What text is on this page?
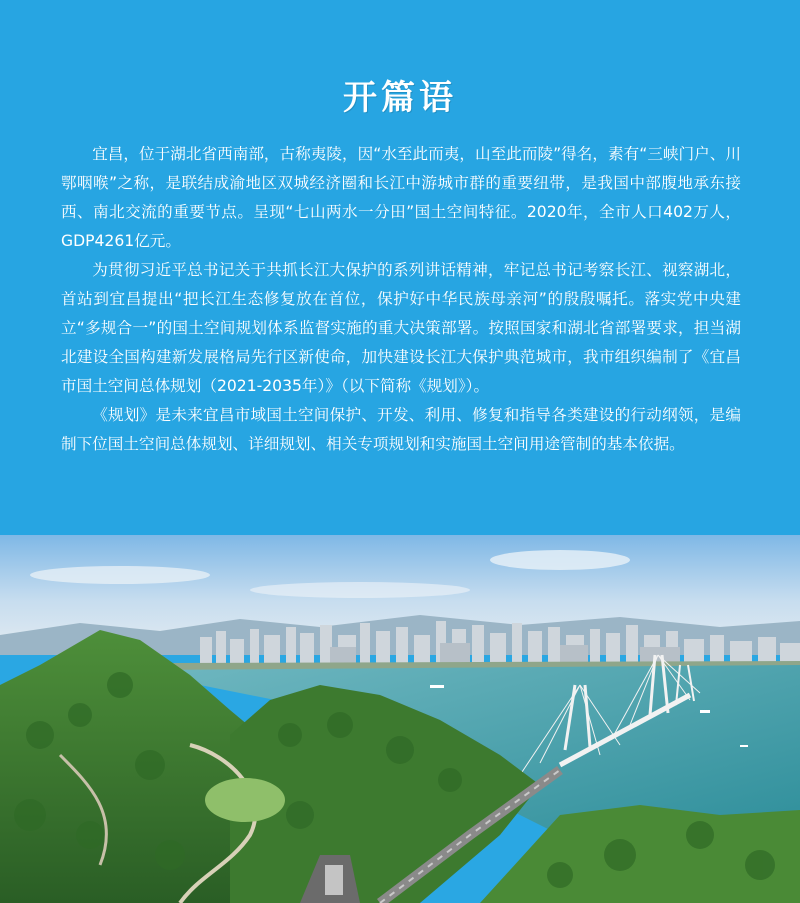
开篇语

宜昌，位于湖北省西南部，古称夷陵，因“水至此而夷，山至此而陵”得名，素有“三峡门户、川鄂咽喉”之称，是联结成渝地区双城经济圈和长江中游城市群的重要纽带，是我国中部腹地承东接西、南北交流的重要节点。呈现“七山两水一分田”国土空间特征。2020年，全市人口402万人，GDP4261亿元。

为贯彻习近平总书记关于共抓长江大保护的系列讲话精神，牢记总书记考察长江、视察湖北，首站到宜昌提出“把长江生态修复放在首位，保护好中华民族母亲河”的殷殷嘱托。落实党中央建立“多规合一”的国土空间规划体系监督实施的重大决策部署。按照国家和湖北省部署要求，担当湖北建设全国构建新发展格局先行区新使命，加快建设长江大保护典范城市，我市组织编制了《宜昌市国土空间总体规划（2021-2035年）》（以下简称《规划》）。

《规划》是未来宜昌市域国土空间保护、开发、利用、修复和指导各类建设的行动纲领，是编制下位国土空间总体规划、详细规划、相关专项规划和实施国土空间用途管制的基本依据。
